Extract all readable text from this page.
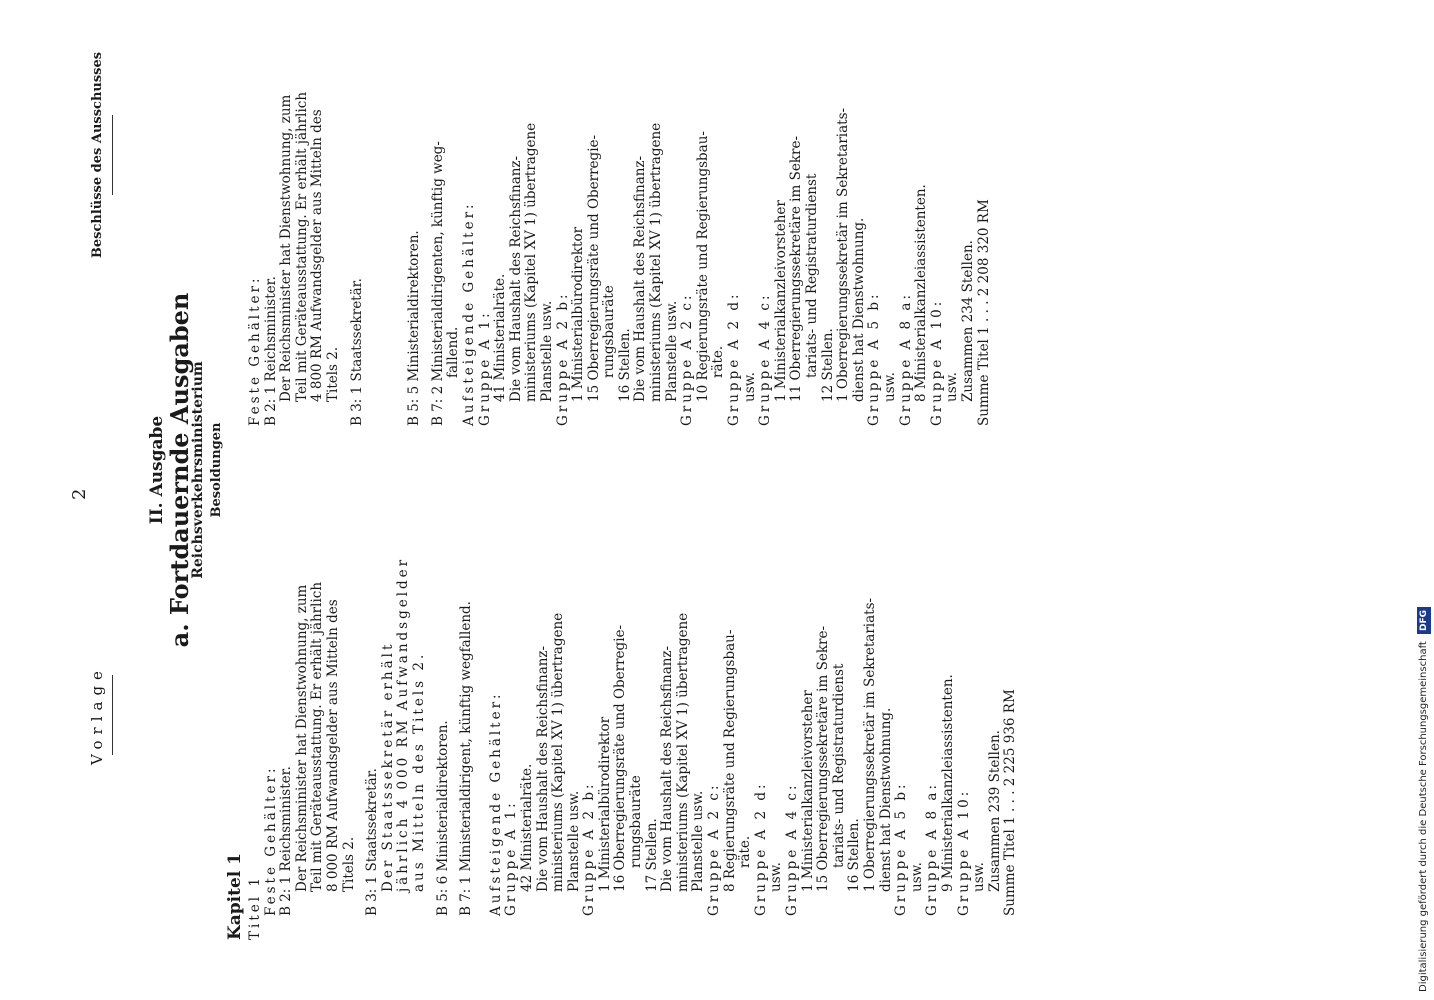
2
Vorlage
Beschlüsse des Ausschusses
II. Ausgabe
a. Fortdauernde Ausgaben
Reichsverkehrsministerium Besoldungen
Kapitel 1 Titel 1 Feste Gehälter: B 2: 1 Reichsminister. Der Reichsminister hat Dienstwohnung, zum Teil mit Geräteausstattung. Er erhält jährlich 8 000 RM Aufwandsgelder aus Mitteln des Titels 2. B 3: 1 Staatssekretär. Der Staatssekretär erhält jährlich 4 000 RM Aufwandsgelder aus Mitteln des Titels 2. B 5: 6 Ministerialdirektoren. B 7: 1 Ministerialdirigent, künftig wegfallend. Aufsteigende Gehälter: Gruppe A 1: 42 Ministerialräte. Die vom Haushalt des Reichsfinanz- ministeriums (Kapitel XV 1) übertragene Planstelle usw. Gruppe A 2 b: 1 Ministerialbürodirektor 16 Oberregierungsräte und Oberregie- rungsbauräte 17 Stellen. Die vom Haushalt des Reichsfinanz- ministeriums (Kapitel XV 1) übertragene Planstelle usw. Gruppe A 2 c: 8 Regierungsräte und Regierungsbau- räte. Gruppe A 2 d: usw. Gruppe A 4 c: 1 Ministerialkanzleivorsteher 15 Oberregierungssekretäre im Sekre- tariats- und Registraturdienst 16 Stellen. 1 Oberregierungssekretär im Sekretariats- dienst hat Dienstwohnung. Gruppe A 5 b: usw. Gruppe A 8 a: 9 Ministerialkanzleiassistenten. Gruppe A 10: usw. Zusammen 239 Stellen. Summe Titel 1 . . . 2 225 936 RM
Feste Gehälter: B 2: 1 Reichsminister. Der Reichsminister hat Dienstwohnung, zum Teil mit Geräteausstattung. Er erhält jährlich 4 800 RM Aufwandsgelder aus Mitteln des Titels 2. B 3: 1 Staatssekretär.	B 5: 5 Ministerialdirektoren. B 7: 2 Ministerialdirigenten, künftig weg- fallend. Aufsteigende Gehälter: Gruppe A 1: 41 Ministerialräte. Die vom Haushalt des Reichsfinanz- ministeriums (Kapitel XV 1) übertragene Planstelle usw. Gruppe A 2 b: 1 Ministerialbürodirektor 15 Oberregierungsräte und Oberregie- rungsbauräte 16 Stellen. Die vom Haushalt des Reichsfinanz- ministeriums (Kapitel XV 1) übertragene Planstelle usw. Gruppe A 2 c: 10 Regierungsräte und Regierungsbau- räte. Gruppe A 2 d: usw. Gruppe A 4 c: 1 Ministerialkanzleivorsteher 11 Oberregierungssekretäre im Sekre- tariats- und Registraturdienst 12 Stellen. 1 Oberregierungssekretär im Sekretariats- dienst hat Dienstwohnung. Gruppe A 5 b: usw. Gruppe A 8 a: 8 Ministerialkanzleiassistenten. Gruppe A 10: usw. Zusammen 234 Stellen. Summe Titel 1 . . . 2 208 320 RM
Digitalisierung gefördert durch die Deutsche Forschungsgemeinschaft DFG
